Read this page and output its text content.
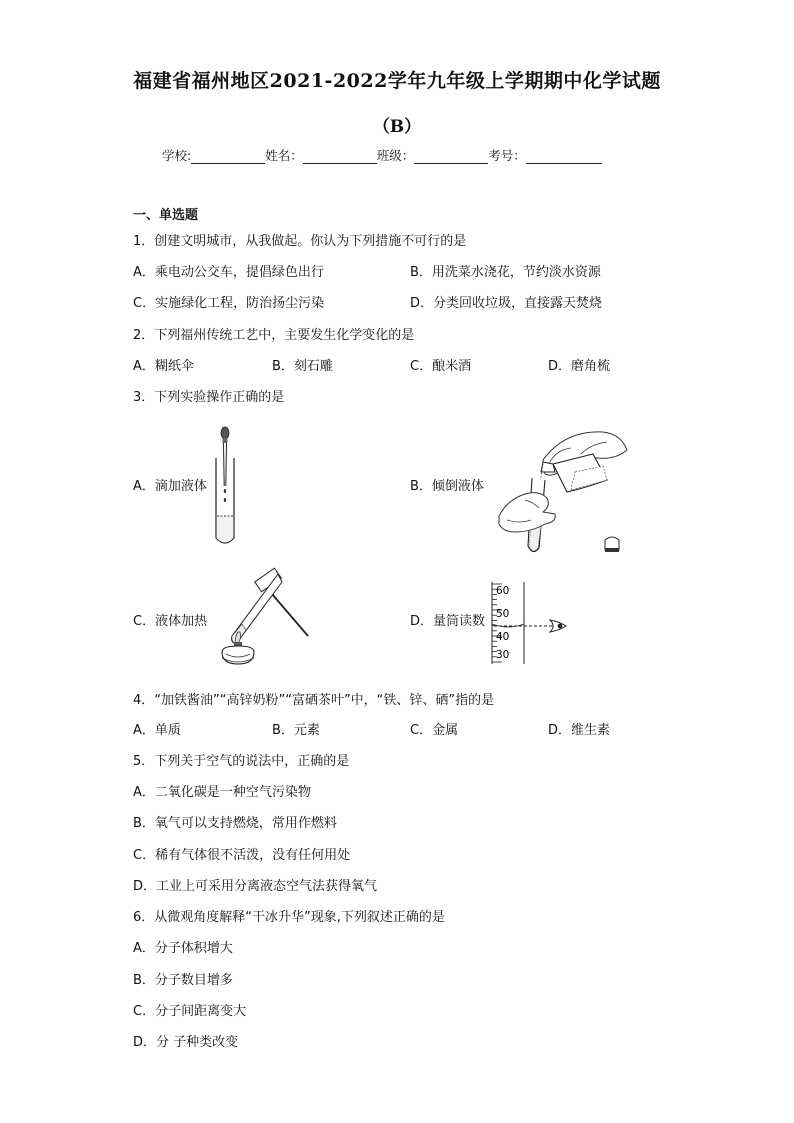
福建省福州地区2021-2022学年九年级上学期期中化学试题
（B）
学校:	姓名：	班级：	考号：
一、单选题
1．创建文明城市，从我做起。你认为下列措施不可行的是
A．乘电动公交车，提倡绿色出行	B．用洗菜水浇花，节约淡水资源
C．实施绿化工程，防治扬尘污染	D．分类回收垃圾，直接露天焚烧
2．下列福州传统工艺中，主要发生化学变化的是
A．糊纸伞	B．刻石雕	C．酿米酒	D．磨角梳
3．下列实验操作正确的是
A．滴加液体	B．倾倒液体
C．液体加热	D．量筒读数
60
50
40
30
4．“加铁酱油”“高锌奶粉”“富硒茶叶”中，“铁、锌、硒”指的是
A．单质	B．元素	C．金属	D．维生素
5．下列关于空气的说法中，正确的是
A．二氧化碳是一种空气污染物
B．氧气可以支持燃烧，常用作燃料
C．稀有气体很不活泼，没有任何用处
D．工业上可采用分离液态空气法获得氧气
6．从微观角度解释“干冰升华”现象,下列叙述正确的是
A．分子体积增大
B．分子数目增多
C．分子间距离变大
D．分 子种类改变
